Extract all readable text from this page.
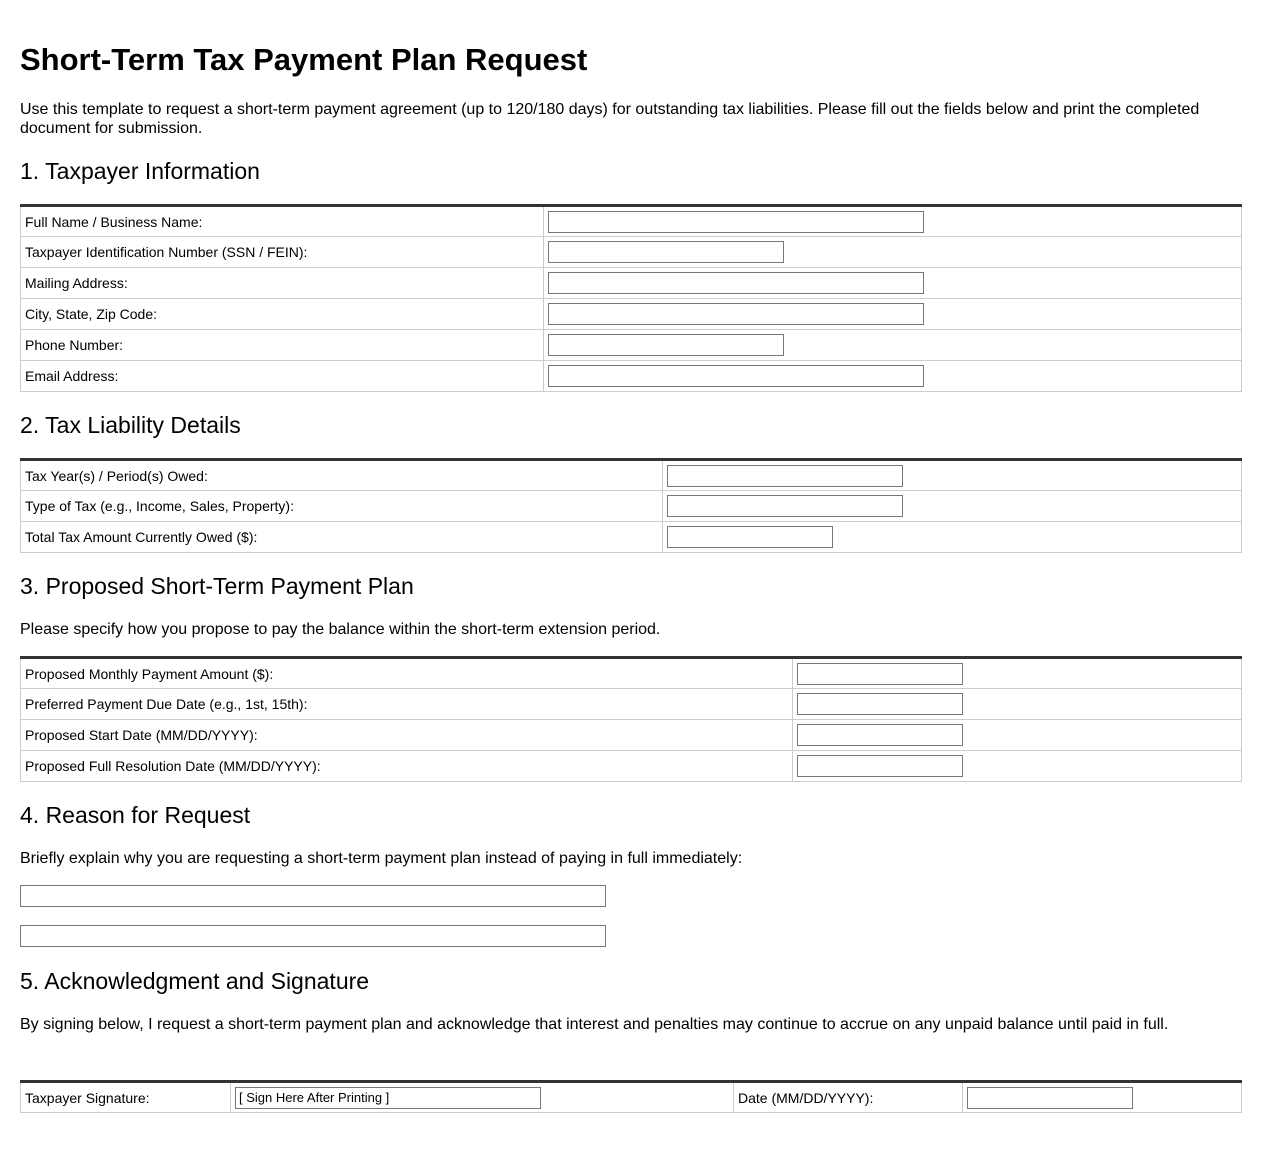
Short-Term Tax Payment Plan Request

Use this template to request a short-term payment agreement (up to 120/180 days) for outstanding tax liabilities. Please fill out the fields below and print the completed document for submission.

1. Taxpayer Information
Full Name / Business Name:	
Taxpayer Identification Number (SSN / FEIN):	
Mailing Address:	
City, State, Zip Code:	
Phone Number:	
Email Address:	
2. Tax Liability Details
Tax Year(s) / Period(s) Owed:	
Type of Tax (e.g., Income, Sales, Property):	
Total Tax Amount Currently Owed ($):	
3. Proposed Short-Term Payment Plan

Please specify how you propose to pay the balance within the short-term extension period.

Proposed Monthly Payment Amount ($):	
Preferred Payment Due Date (e.g., 1st, 15th):	
Proposed Start Date (MM/DD/YYYY):	
Proposed Full Resolution Date (MM/DD/YYYY):	
4. Reason for Request

Briefly explain why you are requesting a short-term payment plan instead of paying in full immediately:

5. Acknowledgment and Signature

By signing below, I request a short-term payment plan and acknowledge that interest and penalties may continue to accrue on any unpaid balance until paid in full.

Taxpayer Signature:	[ Sign Here After Printing ]	Date (MM/DD/YYYY):	
